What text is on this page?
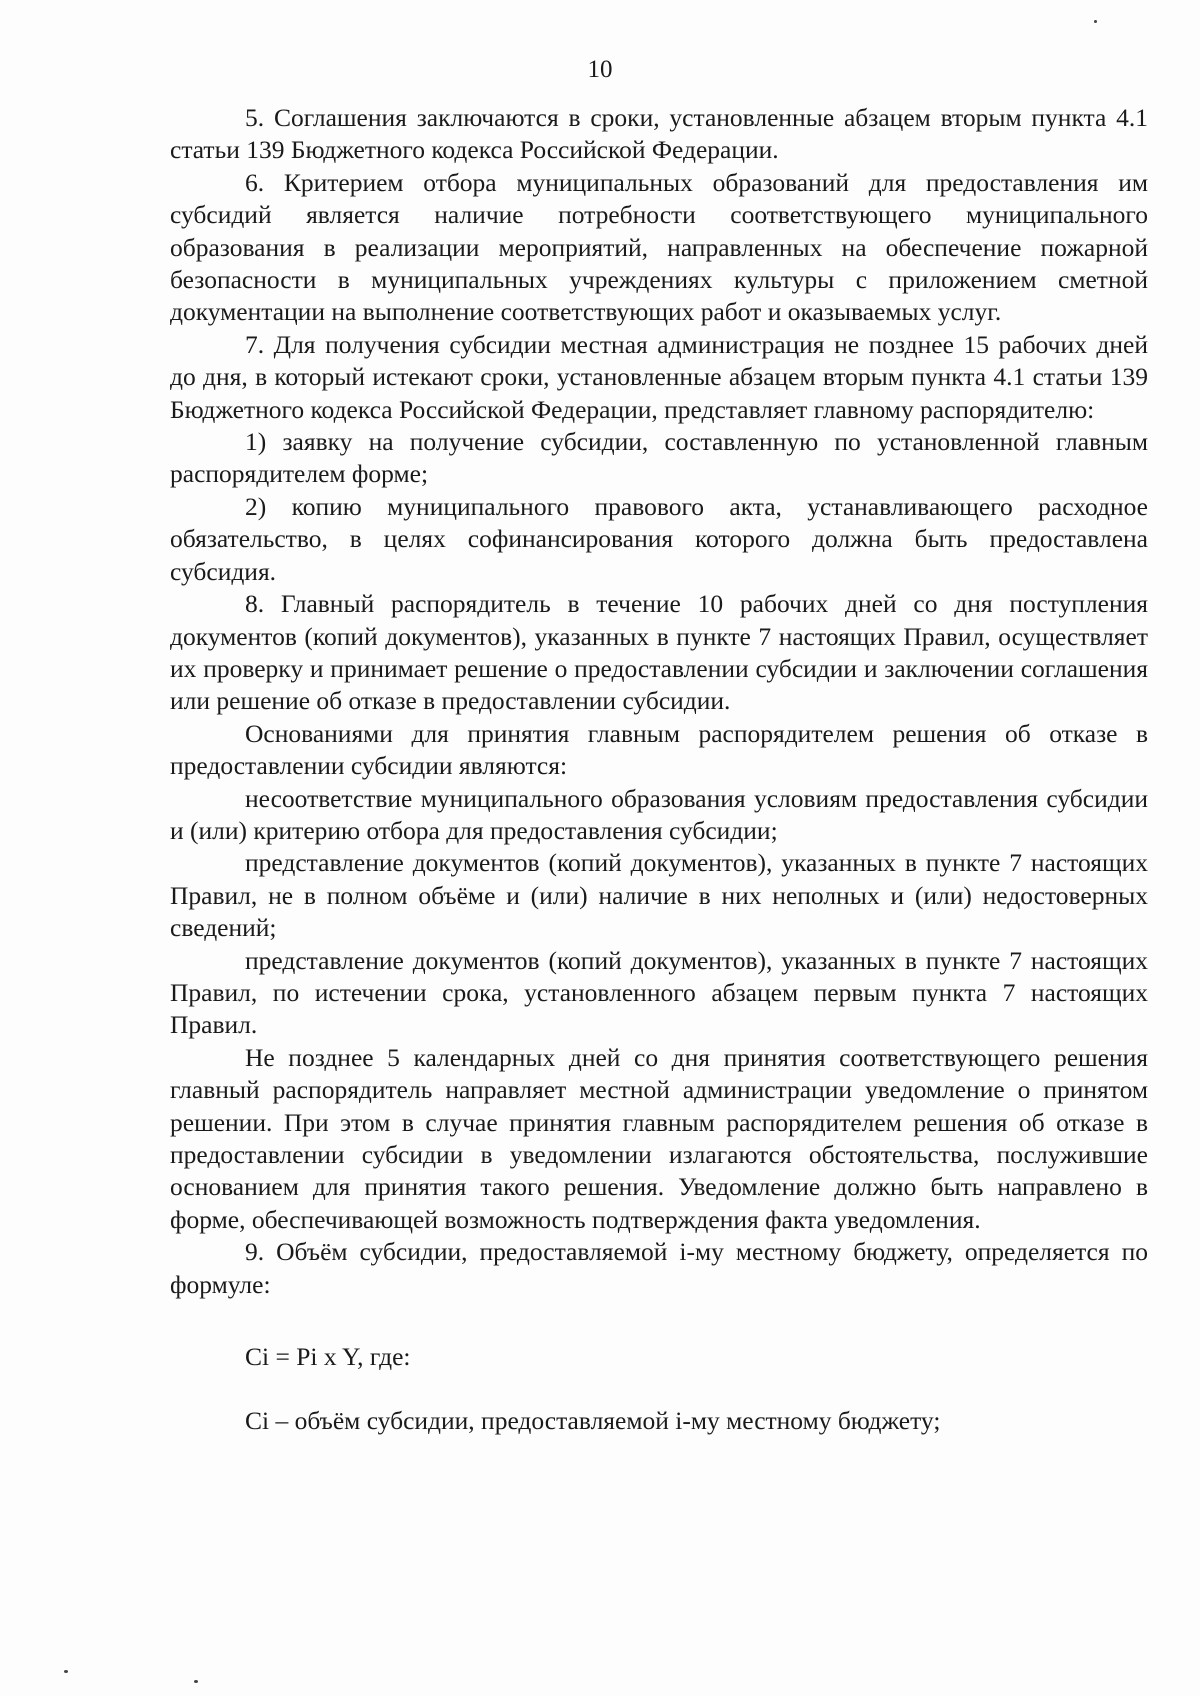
10

5. Соглашения заключаются в сроки, установленные абзацем вторым пункта 4.1 статьи 139 Бюджетного кодекса Российской Федерации.

6. Критерием отбора муниципальных образований для предоставления им субсидий является наличие потребности соответствующего муниципального образования в реализации мероприятий, направленных на обеспечение пожарной безопасности в муниципальных учреждениях культуры с приложением сметной документации на выполнение соответствующих работ и оказываемых услуг.

7. Для получения субсидии местная администрация не позднее 15 рабочих дней до дня, в который истекают сроки, установленные абзацем вторым пункта 4.1 статьи 139 Бюджетного кодекса Российской Федерации, представляет главному распорядителю:

1) заявку на получение субсидии, составленную по установленной главным распорядителем форме;

2) копию муниципального правового акта, устанавливающего расходное обязательство, в целях софинансирования которого должна быть предоставлена субсидия.

8. Главный распорядитель в течение 10 рабочих дней со дня поступления документов (копий документов), указанных в пункте 7 настоящих Правил, осуществляет их проверку и принимает решение о предоставлении субсидии и заключении соглашения или решение об отказе в предоставлении субсидии.

Основаниями для принятия главным распорядителем решения об отказе в предоставлении субсидии являются:

несоответствие муниципального образования условиям предоставления субсидии и (или) критерию отбора для предоставления субсидии;

представление документов (копий документов), указанных в пункте 7 настоящих Правил, не в полном объёме и (или) наличие в них неполных и (или) недостоверных сведений;

представление документов (копий документов), указанных в пункте 7 настоящих Правил, по истечении срока, установленного абзацем первым пункта 7 настоящих Правил.

Не позднее 5 календарных дней со дня принятия соответствующего решения главный распорядитель направляет местной администрации уведомление о принятом решении. При этом в случае принятия главным распорядителем решения об отказе в предоставлении субсидии в уведомлении излагаются обстоятельства, послужившие основанием для принятия такого решения. Уведомление должно быть направлено в форме, обеспечивающей возможность подтверждения факта уведомления.

9. Объём субсидии, предоставляемой i-му местному бюджету, определяется по формуле:

Ci = Pi x Y, где:

Ci – объём субсидии, предоставляемой i-му местному бюджету;
